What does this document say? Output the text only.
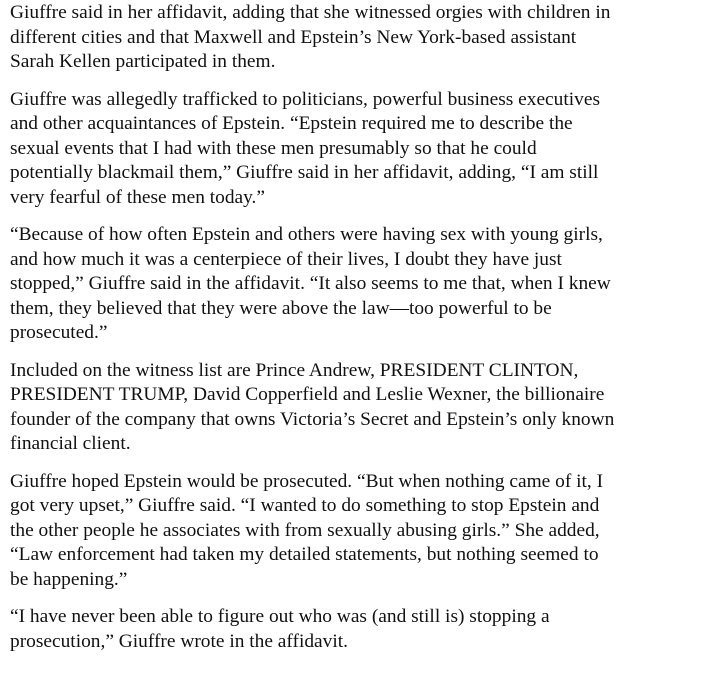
Giuffre said in her affidavit, adding that she witnessed orgies with children in
different cities and that Maxwell and Epstein’s New York-based assistant
Sarah Kellen participated in them.

Giuffre was allegedly trafficked to politicians, powerful business executives
and other acquaintances of Epstein. “Epstein required me to describe the
sexual events that I had with these men presumably so that he could
potentially blackmail them,” Giuffre said in her affidavit, adding, “I am still
very fearful of these men today.”

“Because of how often Epstein and others were having sex with young girls,
and how much it was a centerpiece of their lives, I doubt they have just
stopped,” Giuffre said in the affidavit. “It also seems to me that, when I knew
them, they believed that they were above the law—too powerful to be
prosecuted.”

Included on the witness list are Prince Andrew, PRESIDENT CLINTON,
PRESIDENT TRUMP, David Copperfield and Leslie Wexner, the billionaire
founder of the company that owns Victoria’s Secret and Epstein’s only known
financial client.

Giuffre hoped Epstein would be prosecuted. “But when nothing came of it, I
got very upset,” Giuffre said. “I wanted to do something to stop Epstein and
the other people he associates with from sexually abusing girls.” She added,
“Law enforcement had taken my detailed statements, but nothing seemed to
be happening.”

“I have never been able to figure out who was (and still is) stopping a
prosecution,” Giuffre wrote in the affidavit.
